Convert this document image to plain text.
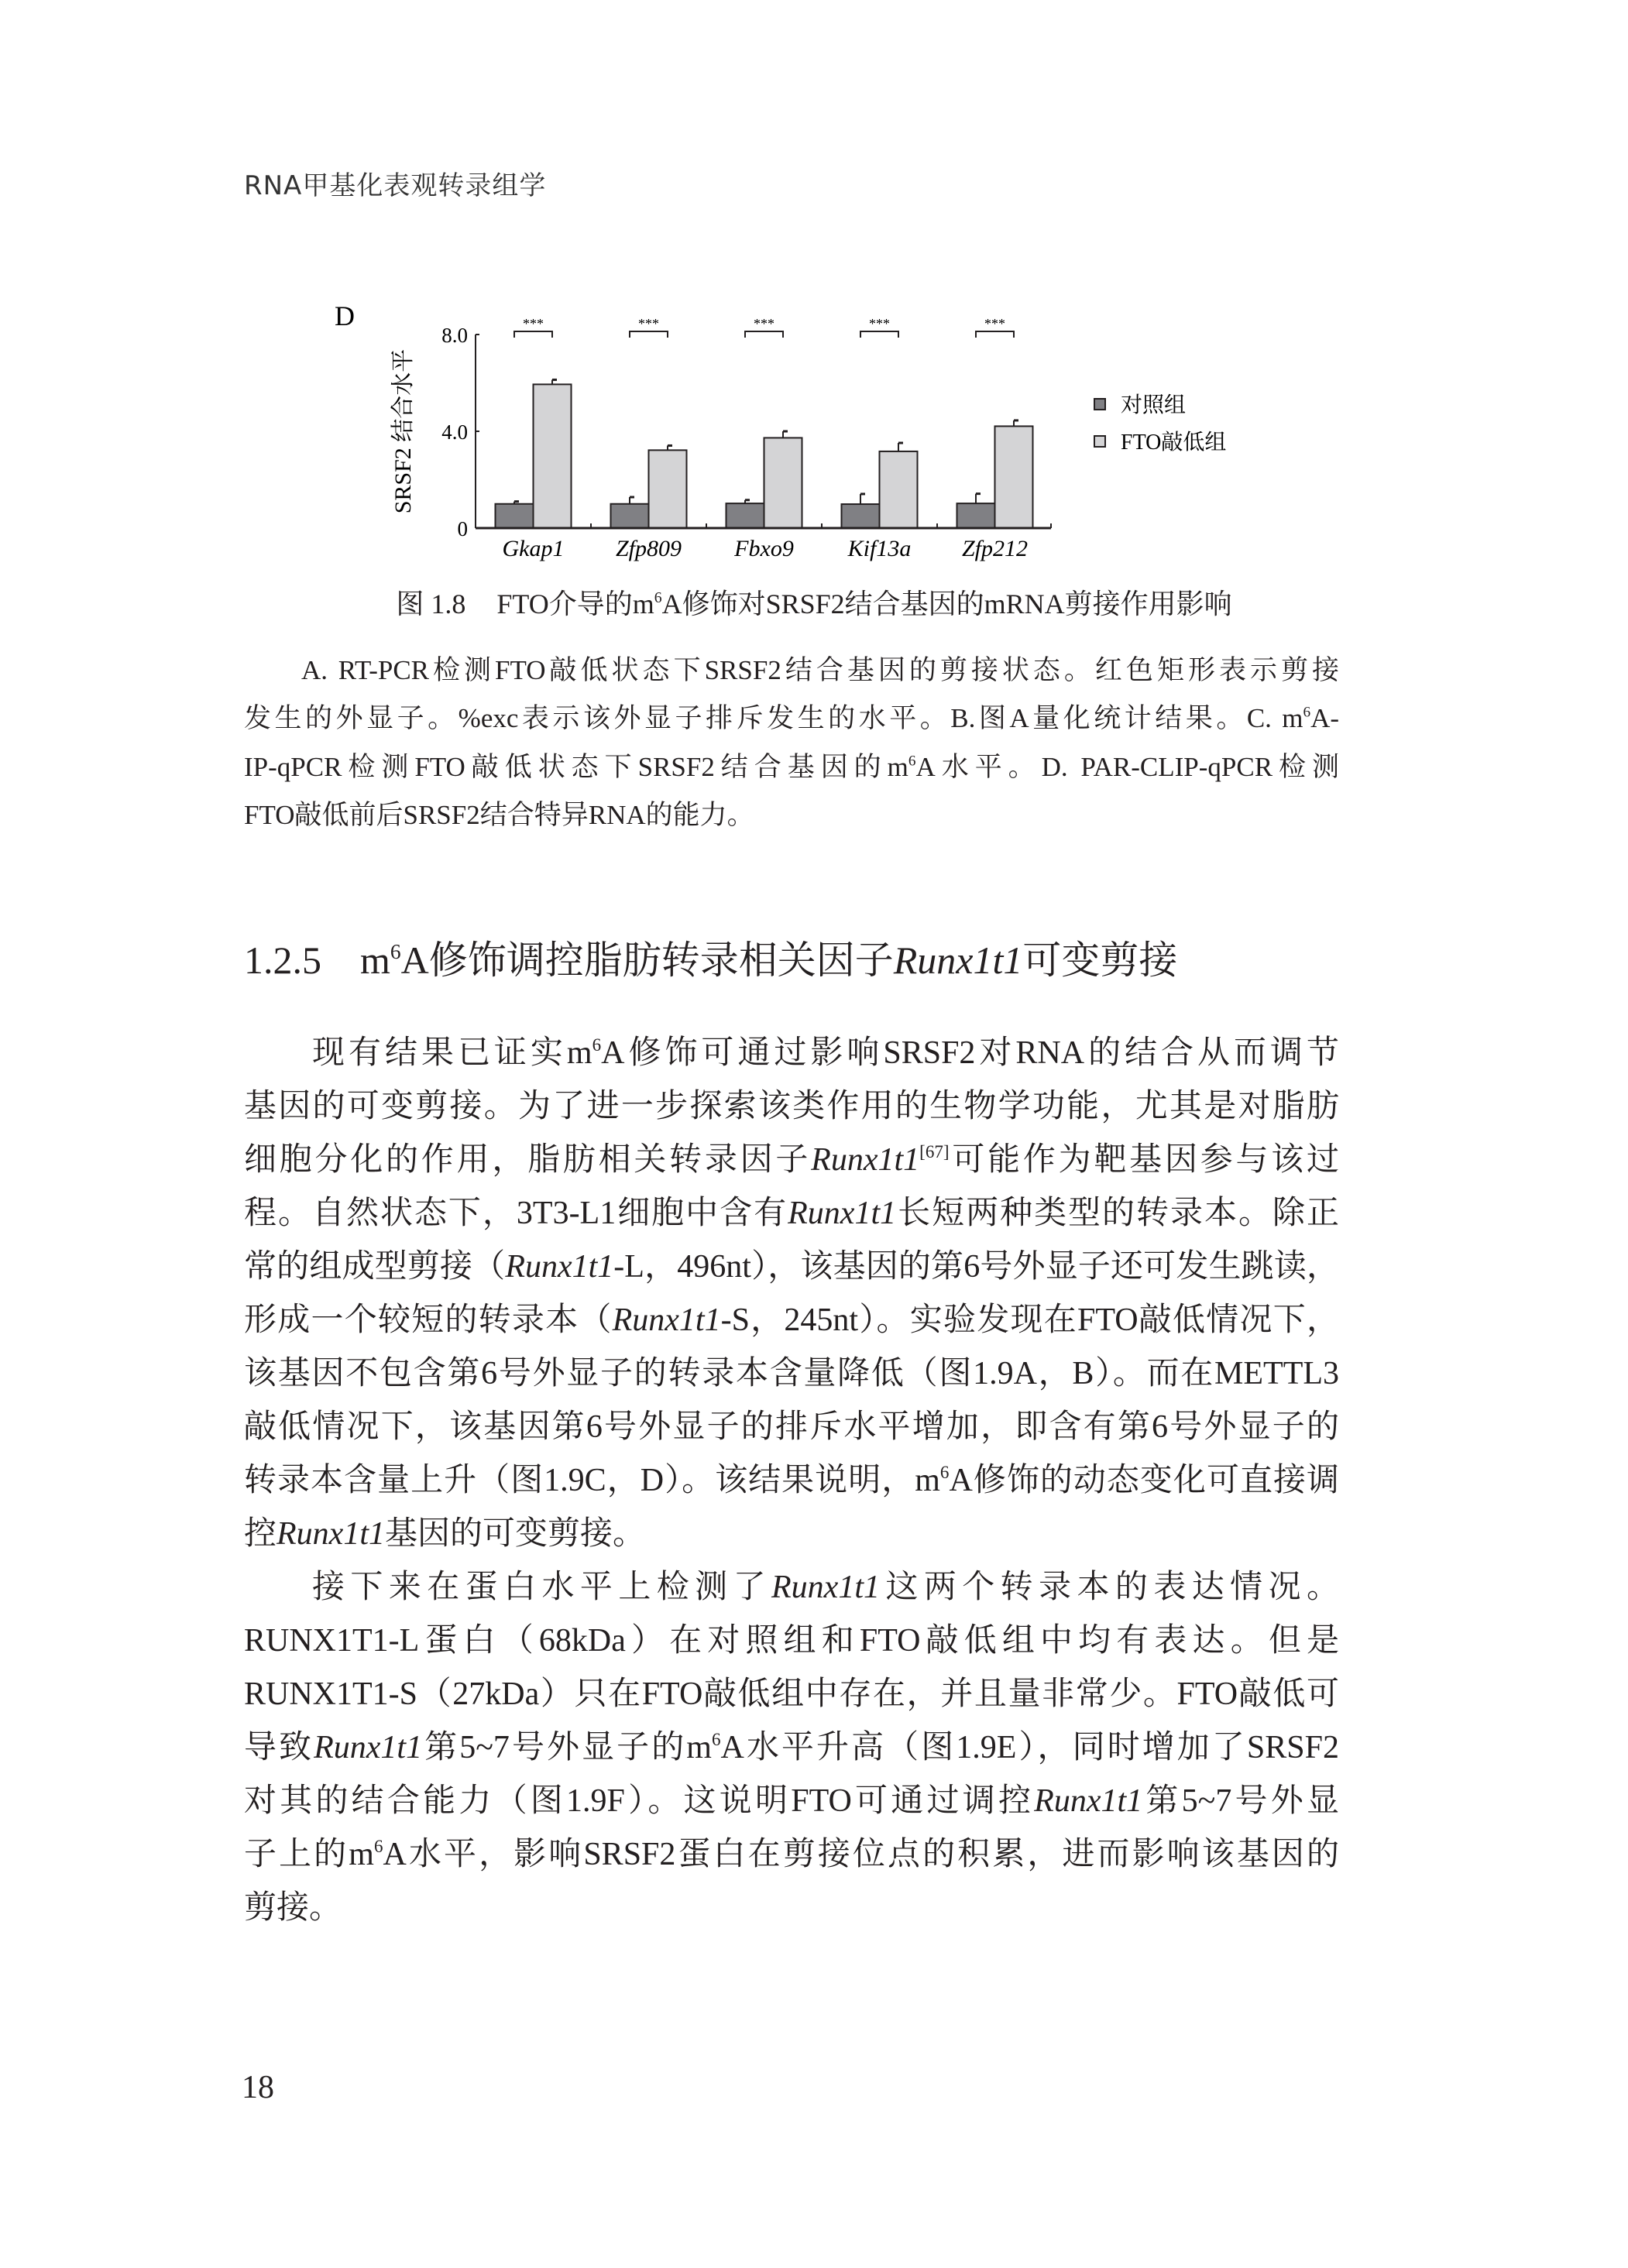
RNA甲基化表观转录组学
D
SRSF2 结合水平
0
4.0
8.0	***
Gkap1
***
Zfp809
***
Fbxo9
***
Kif13a
***
Zfp212
对照组
FTO敲低组
图 1.8 FTO介导的$m^6A$修饰对SRSF2结合基因的mRNA剪接作用影响
A. RT-PCR检测FTO敲低状态下SRSF2结合基因的剪接状态。红色矩形表示剪接
发生的外显子。%exc表示该外显子排斥发生的水平。B.图A量化统计结果。C. $m^6A-$
IP-qPCR检测FTO敲低状态下SRSF2结合基因的$m^6A$水平。D. PAR-CLIP-qPCR检测
FTO敲低前后SRSF2结合特异RNA的能力。
1.2.5 $m^6A$修饰调控脂肪转录相关因子Runx1t1可变剪接
现有结果已证实$m^6A$修饰可通过影响SRSF2对RNA的结合从而调节
基因的可变剪接。为了进一步探索该类作用的生物学功能，尤其是对脂肪
细胞分化的作用，脂肪相关转录因子Runx1t1[67]可能作为靶基因参与该过
程。自然状态下，3T3-L1细胞中含有Runx1t1长短两种类型的转录本。除正
常的组成型剪接（Runx1t1-L，496nt），该基因的第6号外显子还可发生跳读，
形成一个较短的转录本（Runx1t1-S，245nt）。实验发现在FTO敲低情况下，
该基因不包含第6号外显子的转录本含量降低（图1.9A，B）。而在METTL3
敲低情况下，该基因第6号外显子的排斥水平增加，即含有第6号外显子的
转录本含量上升（图1.9C，D）。该结果说明，$m^6A$修饰的动态变化可直接调
控Runx1t1基因的可变剪接。
接下来在蛋白水平上检测了Runx1t1这两个转录本的表达情况。
RUNX1T1-L蛋白（68kDa）在对照组和FTO敲低组中均有表达。但是
RUNX1T1-S（27kDa）只在FTO敲低组中存在，并且量非常少。FTO敲低可
导致Runx1t1第5~7号外显子的$m^6A$水平升高（图1.9E），同时增加了SRSF2
对其的结合能力（图1.9F）。这说明FTO可通过调控Runx1t1第5~7号外显
子上的$m^6A$水平，影响SRSF2蛋白在剪接位点的积累，进而影响该基因的
剪接。
18
